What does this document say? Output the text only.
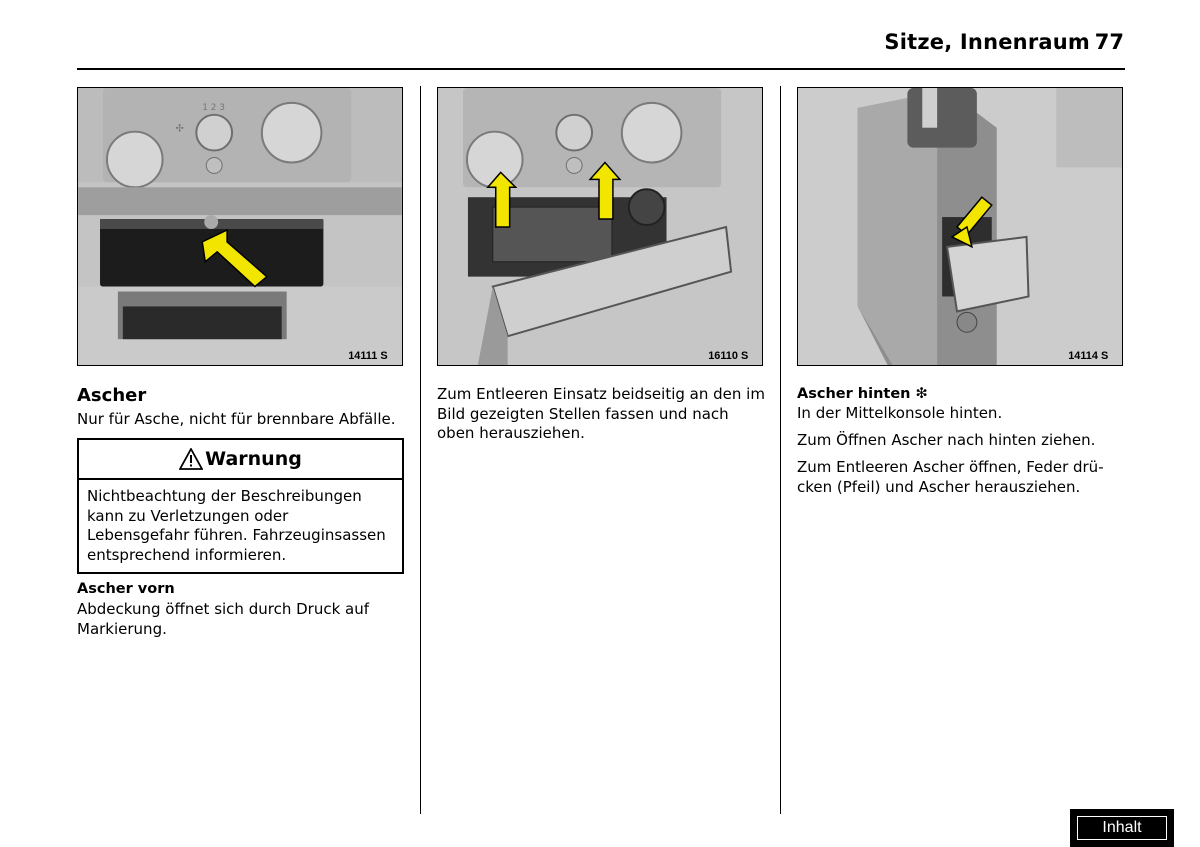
Sitze, Innenraum 77
✣
1 2 3
14111 S	16110 S	14114 S
Ascher
Nur für Asche, nicht für brennbare Abfälle.
Warnung
Nichtbeachtung der Beschreibungen kann zu Verletzungen oder Lebensgefahr führen. Fahrzeuginsassen entsprechend informieren.
Ascher vorn
Abdeckung öffnet sich durch Druck auf Markierung.
Zum Entleeren Einsatz beidseitig an den im Bild gezeigten Stellen fassen und nach oben herausziehen.
Ascher hinten ❇
In der Mittelkonsole hinten.
Zum Öffnen Ascher nach hinten ziehen.
Zum Entleeren Ascher öffnen, Feder drü-cken (Pfeil) und Ascher herausziehen.
Inhalt
